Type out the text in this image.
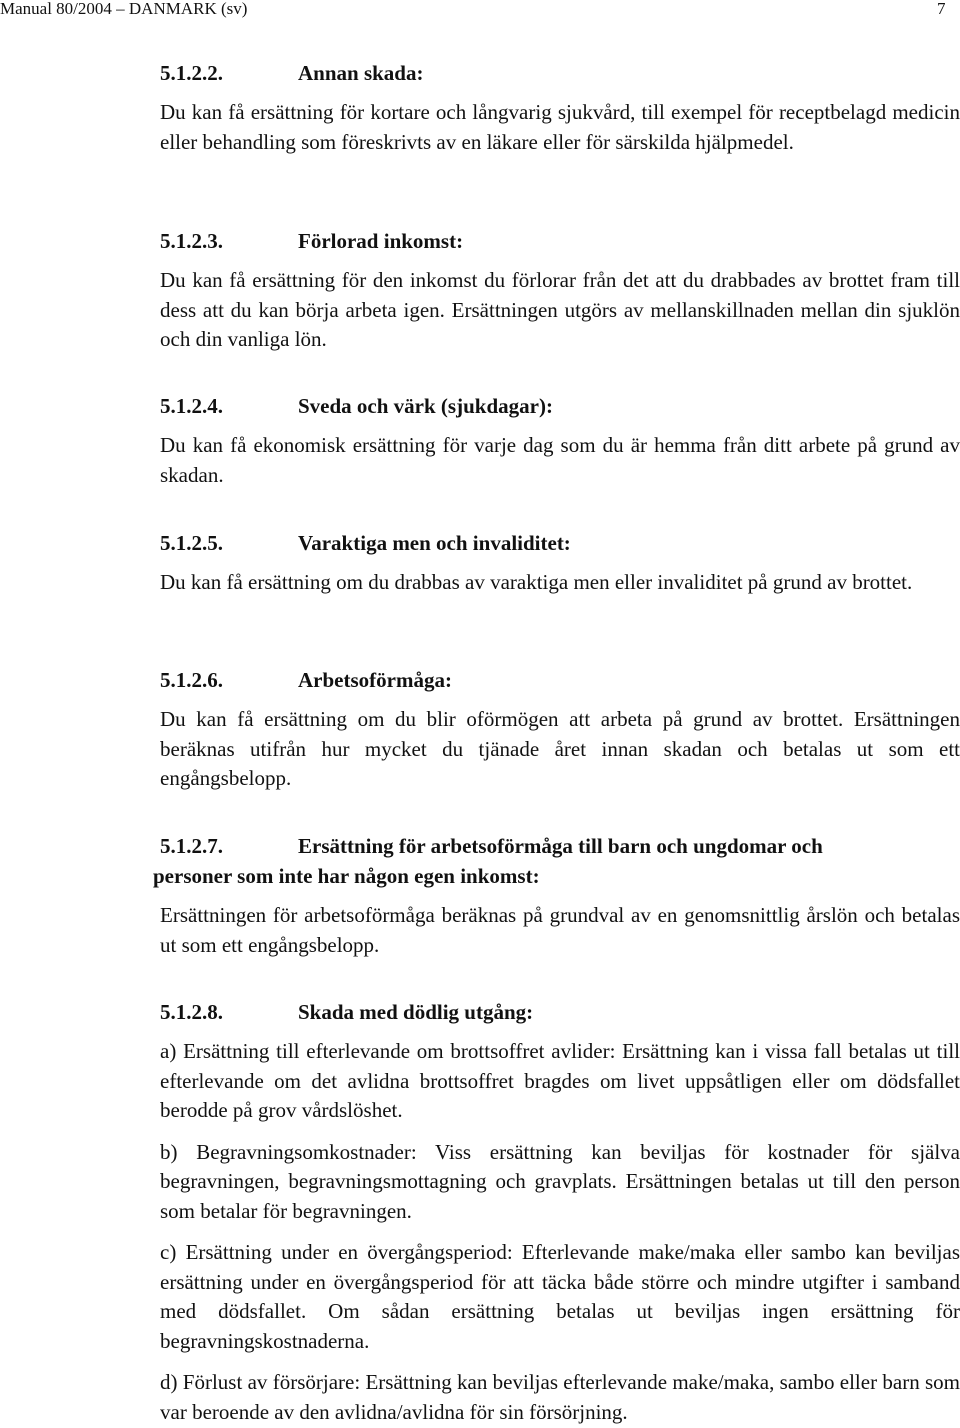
Manual 80/2004 – DANMARK (sv)	7
5.1.2.2.	Annan skada:
Du kan få ersättning för kortare och långvarig sjukvård, till exempel för receptbelagd medicin eller behandling som föreskrivts av en läkare eller för särskilda hjälpmedel.
5.1.2.3.	Förlorad inkomst:
Du kan få ersättning för den inkomst du förlorar från det att du drabbades av brottet fram till dess att du kan börja arbeta igen. Ersättningen utgörs av mellanskillnaden mellan din sjuklön och din vanliga lön.
5.1.2.4.	Sveda och värk (sjukdagar):
Du kan få ekonomisk ersättning för varje dag som du är hemma från ditt arbete på grund av skadan.
5.1.2.5.	Varaktiga men och invaliditet:
Du kan få ersättning om du drabbas av varaktiga men eller invaliditet på grund av brottet.
5.1.2.6.	Arbetsoförmåga:
Du kan få ersättning om du blir oförmögen att arbeta på grund av brottet. Ersättningen beräknas utifrån hur mycket du tjänade året innan skadan och betalas ut som ett engångsbelopp.
5.1.2.7.	Ersättning för arbetsoförmåga till barn och ungdomar och
personer som inte har någon egen inkomst:
Ersättningen för arbetsoförmåga beräknas på grundval av en genomsnittlig årslön och betalas ut som ett engångsbelopp.
5.1.2.8.	Skada med dödlig utgång:
a) Ersättning till efterlevande om brottsoffret avlider: Ersättning kan i vissa fall betalas ut till efterlevande om det avlidna brottsoffret bragdes om livet uppsåtligen eller om dödsfallet berodde på grov vårdslöshet.
b) Begravningsomkostnader: Viss ersättning kan beviljas för kostnader för själva begravningen, begravningsmottagning och gravplats. Ersättningen betalas ut till den person som betalar för begravningen.
c) Ersättning under en övergångsperiod: Efterlevande make/maka eller sambo kan beviljas ersättning under en övergångsperiod för att täcka både större och mindre utgifter i samband med dödsfallet. Om sådan ersättning betalas ut beviljas ingen ersättning för begravningskostnaderna.
d) Förlust av försörjare: Ersättning kan beviljas efterlevande make/maka, sambo eller barn som var beroende av den avlidna/avlidna för sin försörjning.
